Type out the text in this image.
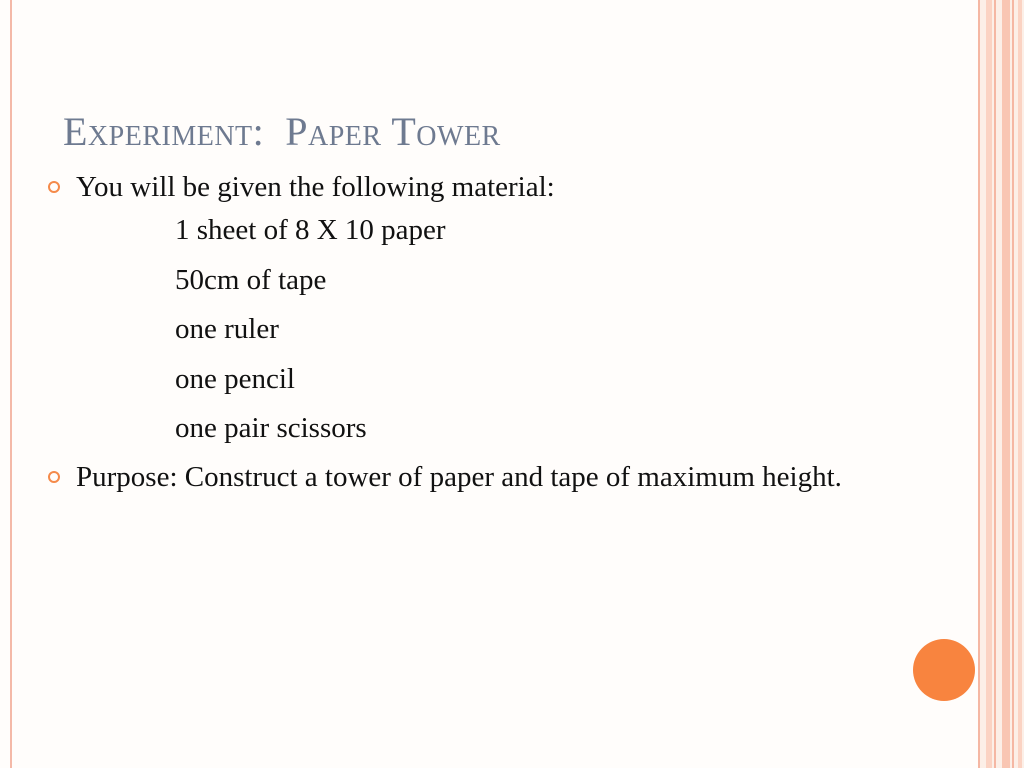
Experiment:  Paper Tower
You will be given the following material:
1 sheet of 8 X 10 paper
50cm of tape
one ruler
one pencil
one pair scissors
Purpose: Construct a tower of paper and tape of maximum height.
